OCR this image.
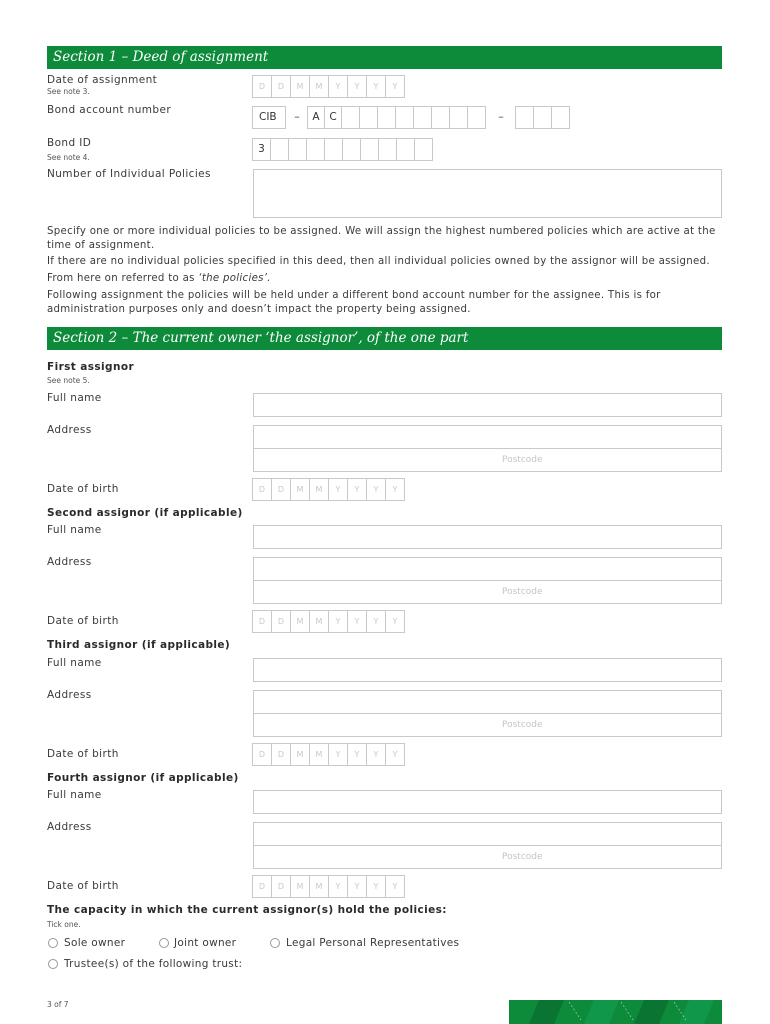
Section 1 – Deed of assignment
Date of assignment
See note 3.
D	D	M	M	Y	Y	Y	Y
Bond account number
CIB	–	A C	–
Bond ID
See note 4.
3
Number of Individual Policies
Specify one or more individual policies to be assigned. We will assign the highest numbered policies which are active at the time of assignment.
If there are no individual policies specified in this deed, then all individual policies owned by the assignor will be assigned.
From here on referred to as ‘the policies’.
Following assignment the policies will be held under a different bond account number for the assignee. This is for administration purposes only and doesn’t impact the property being assigned.
Section 2 – The current owner ‘the assignor’, of the one part
First assignor
See note 5.
Full name
Address
Postcode
Date of birth	D	D	M	M	Y	Y	Y	Y
Second assignor (if applicable)
Full name
Address
Postcode
Date of birth	D	D	M	M	Y	Y	Y	Y
Third assignor (if applicable)
Full name
Address
Postcode
Date of birth	D	D	M	M	Y	Y	Y	Y
Fourth assignor (if applicable)
Full name
Address
Postcode
Date of birth	D	D	M	M	Y	Y	Y	Y
The capacity in which the current assignor(s) hold the policies:
Tick one.
Sole owner	Joint owner	Legal Personal Representatives
Trustee(s) of the following trust:
3 of 7
